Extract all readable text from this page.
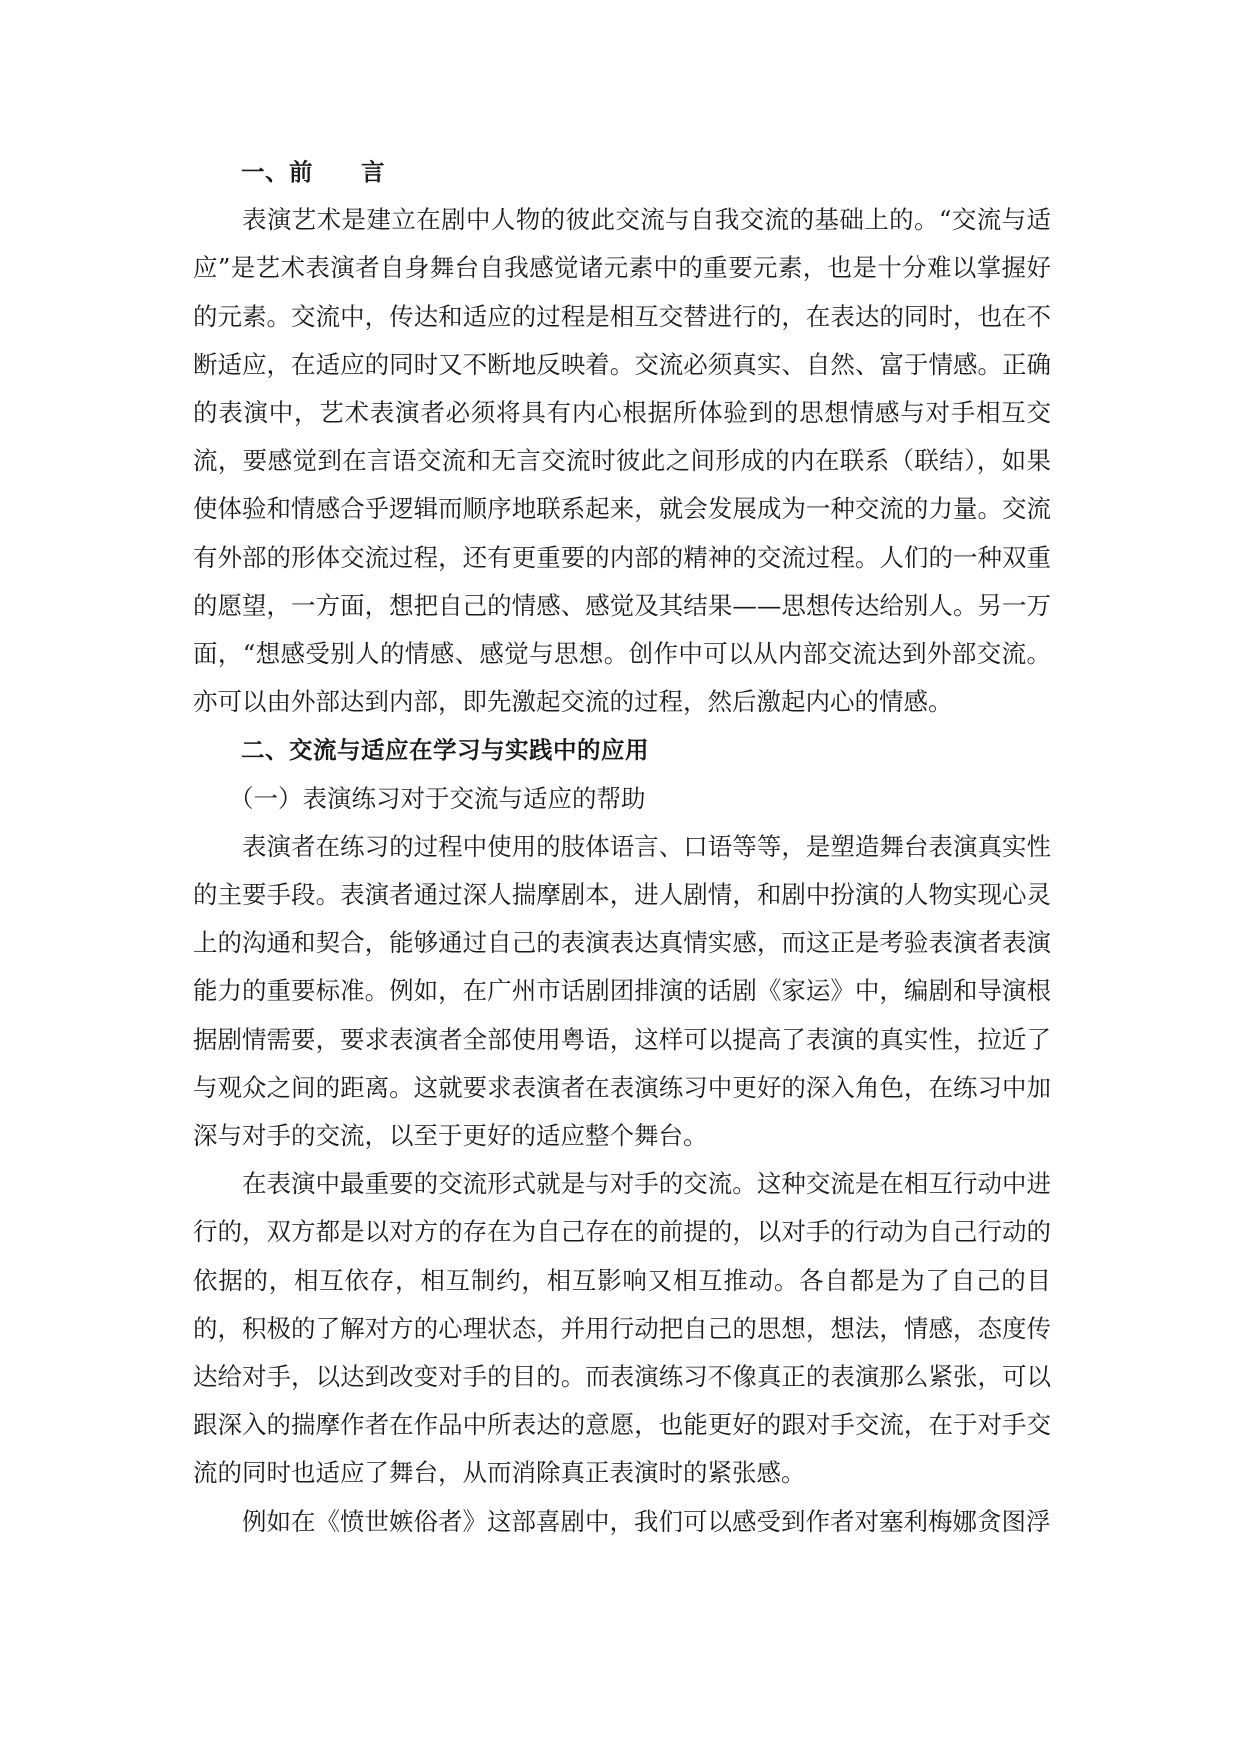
一、前　　言

表演艺术是建立在剧中人物的彼此交流与自我交流的基础上的。“交流与适应”是艺术表演者自身舞台自我感觉诸元素中的重要元素，也是十分难以掌握好的元素。交流中，传达和适应的过程是相互交替进行的，在表达的同时，也在不断适应，在适应的同时又不断地反映着。交流必须真实、自然、富于情感。正确的表演中，艺术表演者必须将具有内心根据所体验到的思想情感与对手相互交流，要感觉到在言语交流和无言交流时彼此之间形成的内在联系（联结），如果使体验和情感合乎逻辑而顺序地联系起来，就会发展成为一种交流的力量。交流有外部的形体交流过程，还有更重要的内部的精神的交流过程。人们的一种双重的愿望，一方面，想把自己的情感、感觉及其结果——思想传达给别人。另一万面，“想感受别人的情感、感觉与思想。创作中可以从内部交流达到外部交流。亦可以由外部达到内部，即先激起交流的过程，然后激起内心的情感。

二、交流与适应在学习与实践中的应用

（一）表演练习对于交流与适应的帮助

表演者在练习的过程中使用的肢体语言、口语等等，是塑造舞台表演真实性的主要手段。表演者通过深人揣摩剧本，进人剧情，和剧中扮演的人物实现心灵上的沟通和契合，能够通过自己的表演表达真情实感，而这正是考验表演者表演能力的重要标准。例如，在广州市话剧团排演的话剧《家运》中，编剧和导演根据剧情需要，要求表演者全部使用粤语，这样可以提高了表演的真实性，拉近了与观众之间的距离。这就要求表演者在表演练习中更好的深入角色，在练习中加深与对手的交流，以至于更好的适应整个舞台。

在表演中最重要的交流形式就是与对手的交流。这种交流是在相互行动中进行的，双方都是以对方的存在为自己存在的前提的，以对手的行动为自己行动的依据的，相互依存，相互制约，相互影响又相互推动。各自都是为了自己的目的，积极的了解对方的心理状态，并用行动把自己的思想，想法，情感，态度传达给对手，以达到改变对手的目的。而表演练习不像真正的表演那么紧张，可以跟深入的揣摩作者在作品中所表达的意愿，也能更好的跟对手交流，在于对手交流的同时也适应了舞台，从而消除真正表演时的紧张感。

例如在《愤世嫉俗者》这部喜剧中，我们可以感受到作者对塞利梅娜贪图浮
